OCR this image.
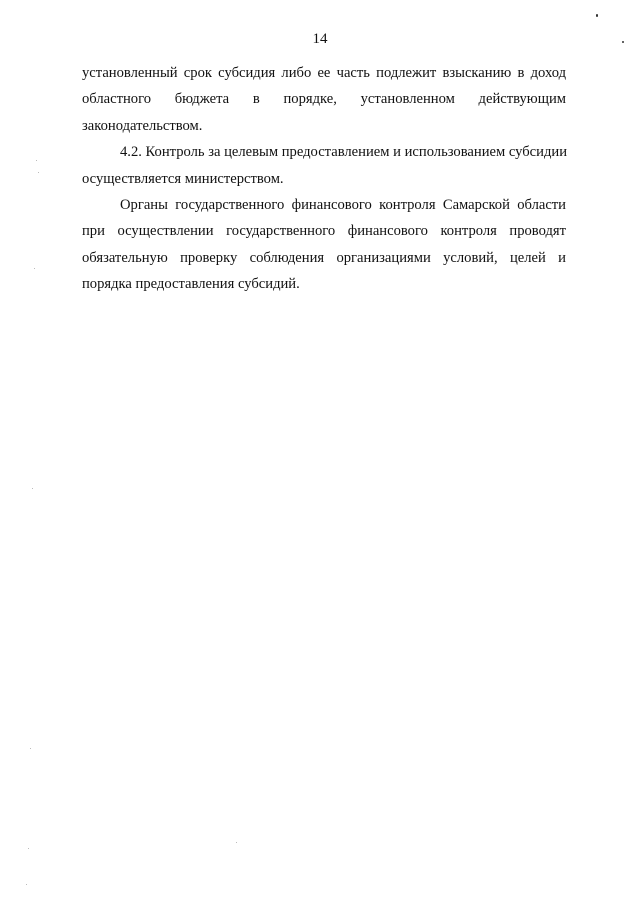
14

установленный срок субсидия либо ее часть подлежит взысканию в доход
областного бюджета в порядке, установленном действующим
законодательством.

4.2. Контроль за целевым предоставлением и использованием субсидии
осуществляется министерством.

Органы государственного финансового контроля Самарской области
при осуществлении государственного финансового контроля проводят
обязательную проверку соблюдения организациями условий, целей и
порядка предоставления субсидий.
